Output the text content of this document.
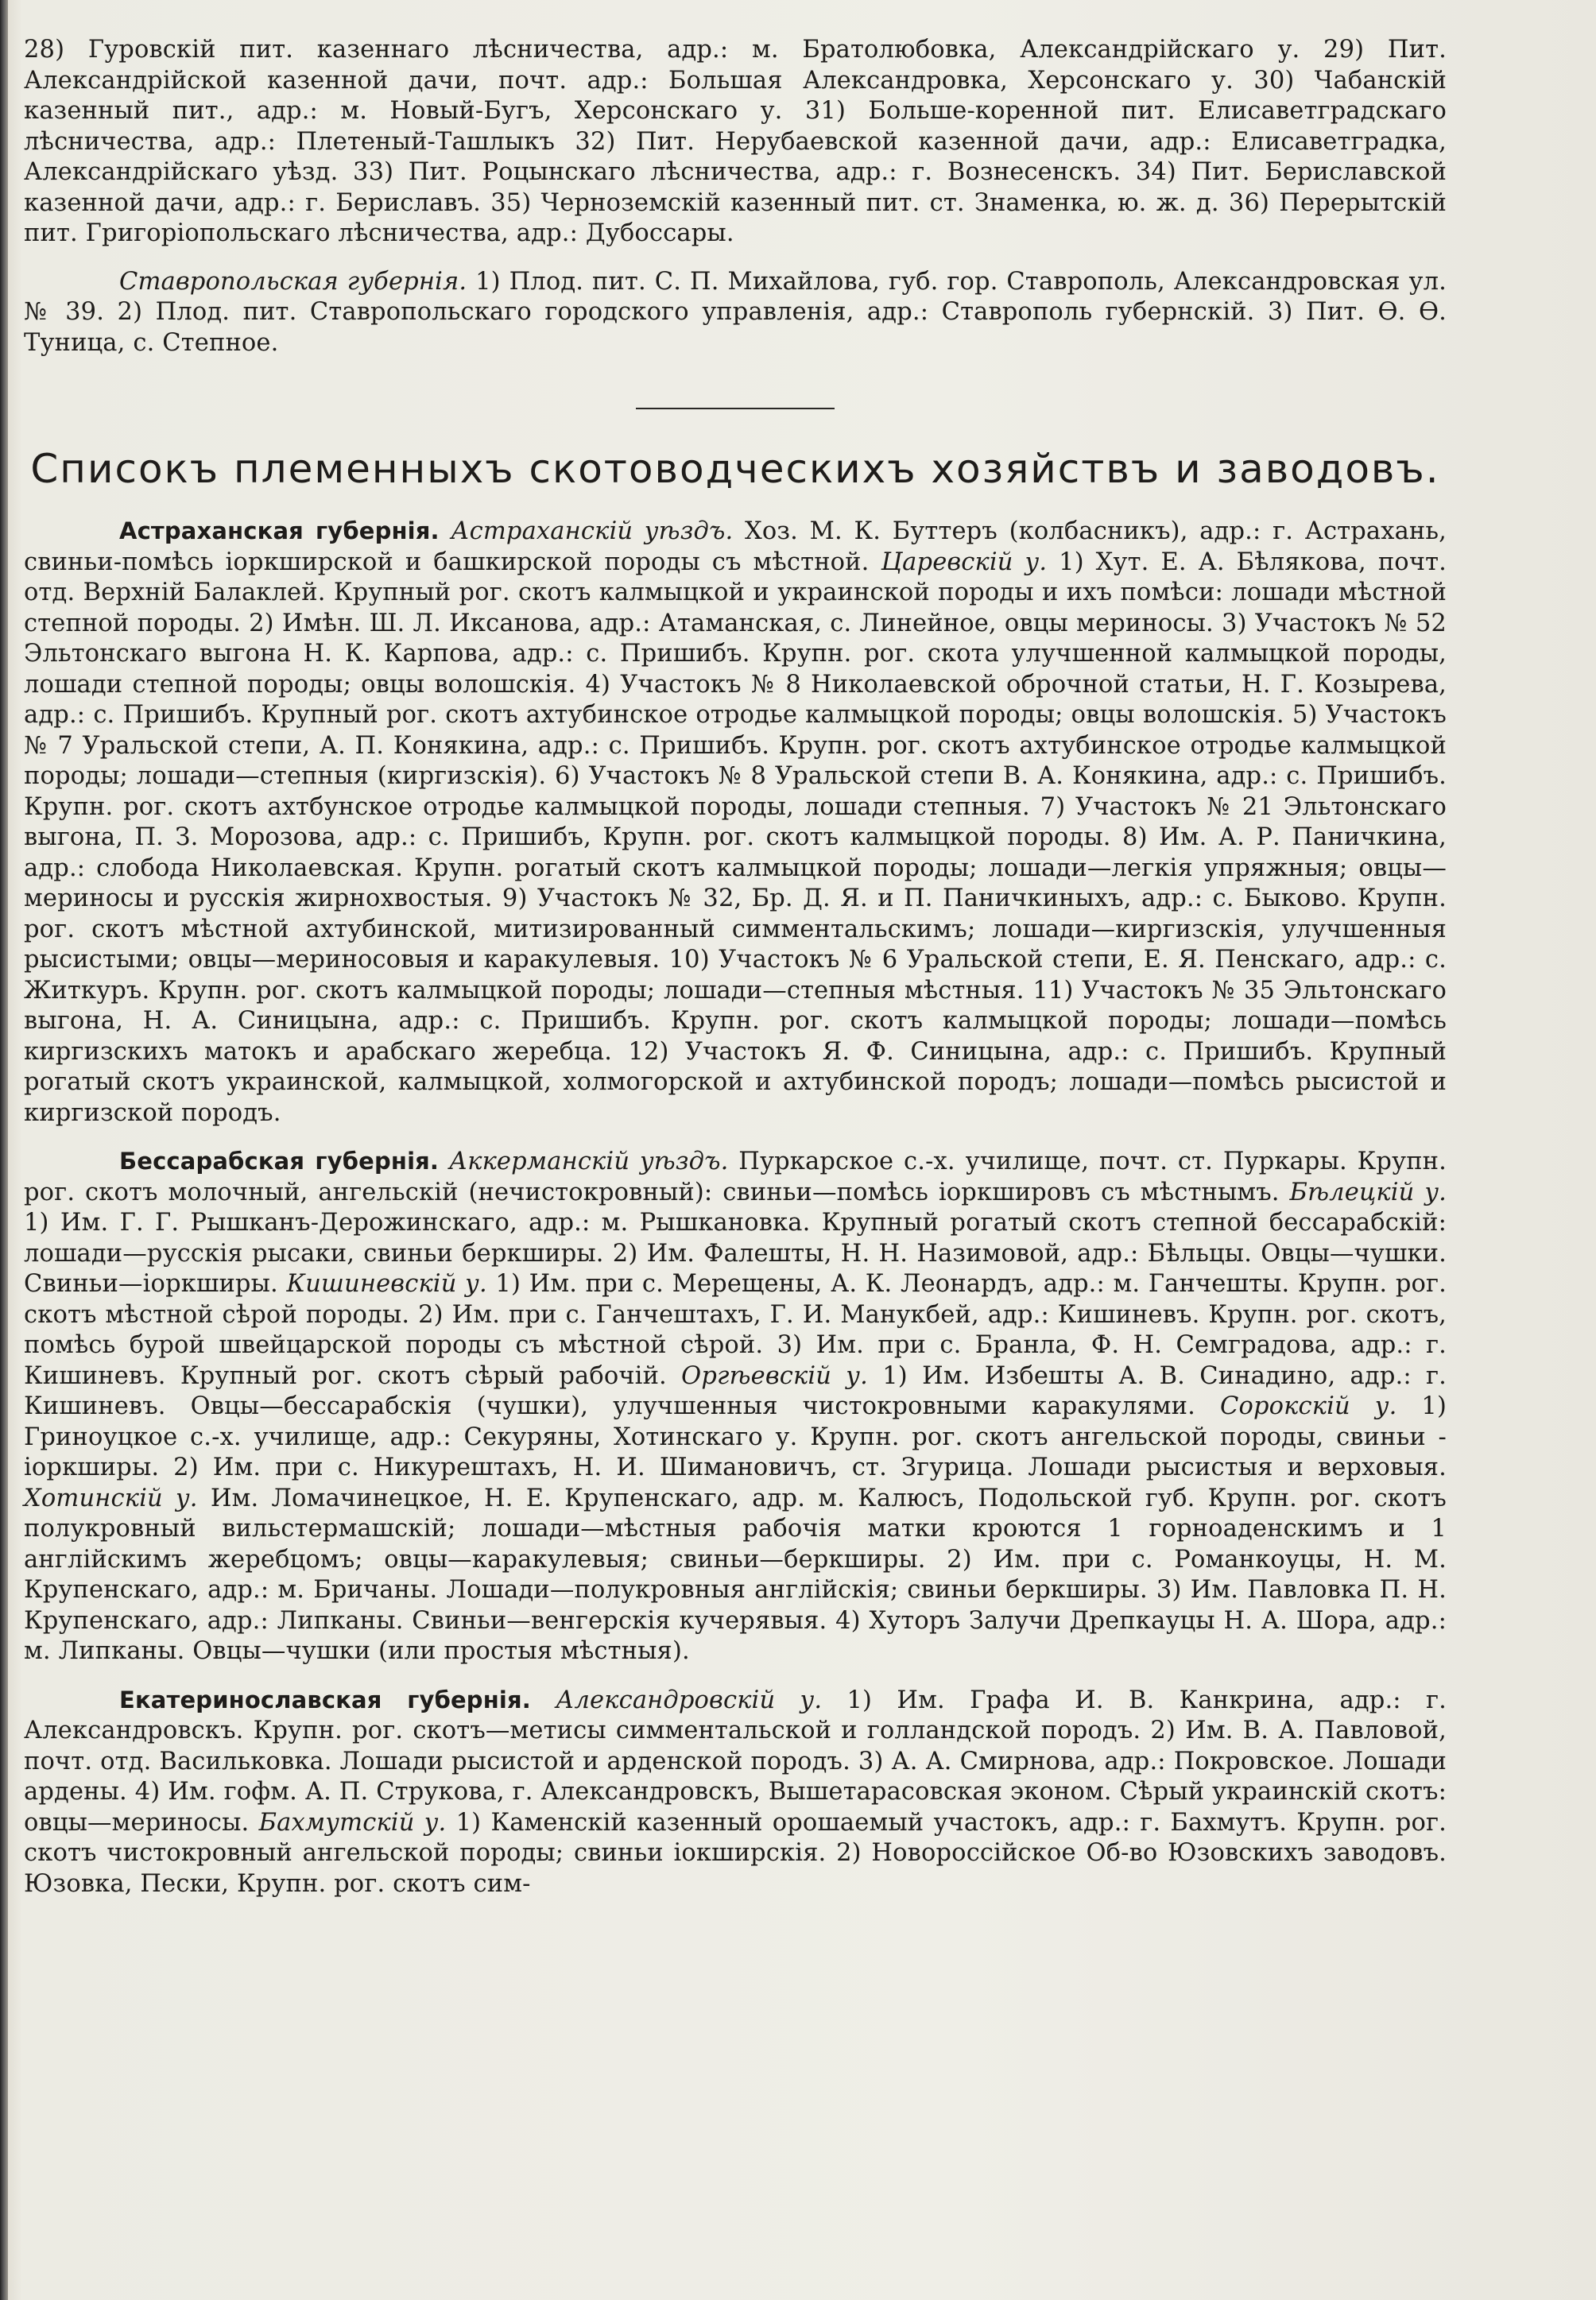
28) Гуровскій пит. казеннаго лѣсничества, адр.: м. Братолюбовка, Александрійскаго у. 29) Пит. Александрійской казенной дачи, почт. адр.: Большая Александровка, Херсонскаго у. 30) Чабанскій казенный пит., адр.: м. Новый-Бугъ, Херсонскаго у. 31) Больше-коренной пит. Елисаветградскаго лѣсничества, адр.: Плетеный-Ташлыкъ 32) Пит. Нерубаевской казенной дачи, адр.: Елисаветградка, Александрійскаго уѣзд. 33) Пит. Роцынскаго лѣсничества, адр.: г. Вознесенскъ. 34) Пит. Бериславской казенной дачи, адр.: г. Бериславъ. 35) Черноземскій казенный пит. ст. Знаменка, ю. ж. д. 36) Перерытскій пит. Григоріопольскаго лѣсничества, адр.: Дубоссары.

Ставропольская губернія. 1) Плод. пит. С. П. Михайлова, губ. гор. Ставрополь, Александровская ул. № 39. 2) Плод. пит. Ставропольскаго городского управленія, адр.: Ставрополь губернскій. 3) Пит. Ѳ. Ѳ. Туница, с. Степное.

Списокъ племенныхъ скотоводческихъ хозяйствъ и заводовъ.

Астраханская губернія. Астраханскій уѣздъ. Хоз. М. К. Буттеръ (колбасникъ), адр.: г. Астрахань, свиньи-помѣсь іоркширской и башкирской породы съ мѣстной. Царевскій у. 1) Хут. Е. А. Бѣлякова, почт. отд. Верхній Балаклей. Крупный рог. скотъ калмыцкой и украинской породы и ихъ помѣси: лошади мѣстной степной породы. 2) Имѣн. Ш. Л. Иксанова, адр.: Атаманская, с. Линейное, овцы мериносы. 3) Участокъ № 52 Эльтонскаго выгона Н. К. Карпова, адр.: с. Пришибъ. Крупн. рог. скота улучшенной калмыцкой породы, лошади степной породы; овцы волошскія. 4) Участокъ № 8 Николаевской оброчной статьи, Н. Г. Козырева, адр.: с. Пришибъ. Крупный рог. скотъ ахтубинское отродье калмыцкой породы; овцы волошскія. 5) Участокъ № 7 Уральской степи, А. П. Конякина, адр.: с. Пришибъ. Крупн. рог. скотъ ахтубинское отродье калмыцкой породы; лошади—степныя (киргизскія). 6) Участокъ № 8 Уральской степи В. А. Конякина, адр.: с. Пришибъ. Крупн. рог. скотъ ахтбунское отродье калмыцкой породы, лошади степныя. 7) Участокъ № 21 Эльтонскаго выгона, П. З. Морозова, адр.: с. Пришибъ, Крупн. рог. скотъ калмыцкой породы. 8) Им. А. Р. Паничкина, адр.: слобода Николаевская. Крупн. рогатый скотъ калмыцкой породы; лошади—легкія упряжныя; овцы—мериносы и русскія жирнохвостыя. 9) Участокъ № 32, Бр. Д. Я. и П. Паничкиныхъ, адр.: с. Быково. Крупн. рог. скотъ мѣстной ахтубинской, митизированный симментальскимъ; лошади—киргизскія, улучшенныя рысистыми; овцы—мериносовыя и каракулевыя. 10) Участокъ № 6 Уральской степи, Е. Я. Пенскаго, адр.: с. Житкуръ. Крупн. рог. скотъ калмыцкой породы; лошади—степныя мѣстныя. 11) Участокъ № 35 Эльтонскаго выгона, Н. А. Синицына, адр.: с. Пришибъ. Крупн. рог. скотъ калмыцкой породы; лошади—помѣсь киргизскихъ матокъ и арабскаго жеребца. 12) Участокъ Я. Ф. Синицына, адр.: с. Пришибъ. Крупный рогатый скотъ украинской, калмыцкой, холмогорской и ахтубинской породъ; лошади—помѣсь рысистой и киргизской породъ.

Бессарабская губернія. Аккерманскій уѣздъ. Пуркарское с.-х. училище, почт. ст. Пуркары. Крупн. рог. скотъ молочный, ангельскій (нечистокровный): свиньи—помѣсь іоркшировъ съ мѣстнымъ. Бѣлецкій у. 1) Им. Г. Г. Рышканъ-Дерожинскаго, адр.: м. Рышкановка. Крупный рогатый скотъ степной бессарабскій: лошади—русскія рысаки, свиньи беркширы. 2) Им. Фалешты, Н. Н. Назимовой, адр.: Бѣльцы. Овцы—чушки. Свиньи—іоркширы. Кишиневскій у. 1) Им. при с. Мерещены, А. К. Леонардъ, адр.: м. Ганчешты. Крупн. рог. скотъ мѣстной сѣрой породы. 2) Им. при с. Ганчештахъ, Г. И. Манукбей, адр.: Кишиневъ. Крупн. рог. скотъ, помѣсь бурой швейцарской породы съ мѣстной сѣрой. 3) Им. при с. Бранла, Ф. Н. Семградова, адр.: г. Кишиневъ. Крупный рог. скотъ сѣрый рабочій. Оргѣевскій у. 1) Им. Избешты А. В. Синадино, адр.: г. Кишиневъ. Овцы—бессарабскія (чушки), улучшенныя чистокровными каракулями. Сорокскій у. 1) Гриноуцкое с.-х. училище, адр.: Секуряны, Хотинскаго у. Крупн. рог. скотъ ангельской породы, свиньи - іоркширы. 2) Им. при с. Никурештахъ, Н. И. Шимановичъ, ст. Згурица. Лошади рысистыя и верховыя. Хотинскій у. Им. Ломачинецкое, Н. Е. Крупенскаго, адр. м. Калюсъ, Подольской губ. Крупн. рог. скотъ полукровный вильстермашскій; лошади—мѣстныя рабочія матки кроются 1 горноаденскимъ и 1 англійскимъ жеребцомъ; овцы—каракулевыя; свиньи—беркширы. 2) Им. при с. Романкоуцы, Н. М. Крупенскаго, адр.: м. Бричаны. Лошади—полукровныя англійскія; свиньи беркширы. 3) Им. Павловка П. Н. Крупенскаго, адр.: Липканы. Свиньи—венгерскія кучерявыя. 4) Хуторъ Залучи Дрепкауцы Н. А. Шора, адр.: м. Липканы. Овцы—чушки (или простыя мѣстныя).

Екатеринославская губернія. Александровскій у. 1) Им. Графа И. В. Канкрина, адр.: г. Александровскъ. Крупн. рог. скотъ—метисы симментальской и голландской породъ. 2) Им. В. А. Павловой, почт. отд. Васильковка. Лошади рысистой и арденской породъ. 3) А. А. Смирнова, адр.: Покровское. Лошади ардены. 4) Им. гофм. А. П. Струкова, г. Александровскъ, Вышетарасовская эконом. Сѣрый украинскій скотъ: овцы—мериносы. Бахмутскій у. 1) Каменскій казенный орошаемый участокъ, адр.: г. Бахмутъ. Крупн. рог. скотъ чистокровный ангельской породы; свиньи іокширскія. 2) Новороссійское Об-во Юзовскихъ заводовъ. Юзовка, Пески, Крупн. рог. скотъ сим-
